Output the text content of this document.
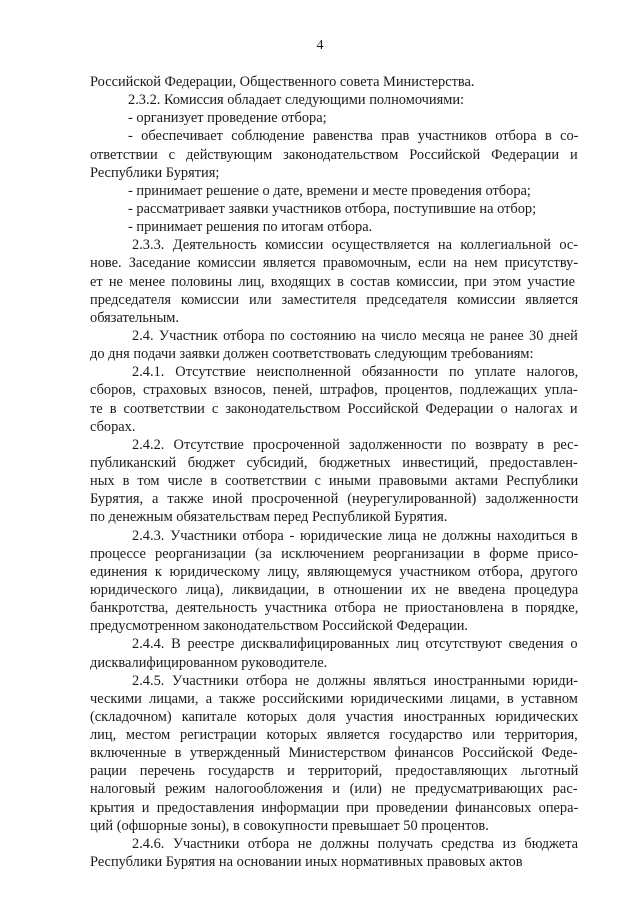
4
Российской Федерации, Общественного совета Министерства.
2.3.2. Комиссия обладает следующими полномочиями:
- организует проведение отбора;
- обеспечивает соблюдение равенства прав участников отбора в со-
ответствии с действующим законодательством Российской Федерации и
Республики Бурятия;
- принимает решение о дате, времени и месте проведения отбора;
- рассматривает заявки участников отбора, поступившие на отбор;
- принимает решения по итогам отбора.
2.3.3. Деятельность комиссии осуществляется на коллегиальной ос-
нове. Заседание комиссии является правомочным, если на нем присутству-
ет не менее половины лиц, входящих в состав комиссии, при этом участие
председателя комиссии или заместителя председателя комиссии является
обязательным.
2.4. Участник отбора по состоянию на число месяца не ранее 30 дней
до дня подачи заявки должен соответствовать следующим требованиям:
2.4.1. Отсутствие неисполненной обязанности по уплате налогов,
сборов, страховых взносов, пеней, штрафов, процентов, подлежащих упла-
те в соответствии с законодательством Российской Федерации о налогах и
сборах.
2.4.2. Отсутствие просроченной задолженности по возврату в рес-
публиканский бюджет субсидий, бюджетных инвестиций, предоставлен-
ных в том числе в соответствии с иными правовыми актами Республики
Бурятия, а также иной просроченной (неурегулированной) задолженности
по денежным обязательствам перед Республикой Бурятия.
2.4.3. Участники отбора - юридические лица не должны находиться в
процессе реорганизации (за исключением реорганизации в форме присо-
единения к юридическому лицу, являющемуся участником отбора, другого
юридического лица), ликвидации, в отношении их не введена процедура
банкротства, деятельность участника отбора не приостановлена в порядке,
предусмотренном законодательством Российской Федерации.
2.4.4. В реестре дисквалифицированных лиц отсутствуют сведения о
дисквалифицированном руководителе.
2.4.5. Участники отбора не должны являться иностранными юриди-
ческими лицами, а также российскими юридическими лицами, в уставном
(складочном) капитале которых доля участия иностранных юридических
лиц, местом регистрации которых является государство или территория,
включенные в утвержденный Министерством финансов Российской Феде-
рации перечень государств и территорий, предоставляющих льготный
налоговый режим налогообложения и (или) не предусматривающих рас-
крытия и предоставления информации при проведении финансовых опера-
ций (офшорные зоны), в совокупности превышает 50 процентов.
2.4.6. Участники отбора не должны получать средства из бюджета
Республики Бурятия на основании иных нормативных правовых актов
